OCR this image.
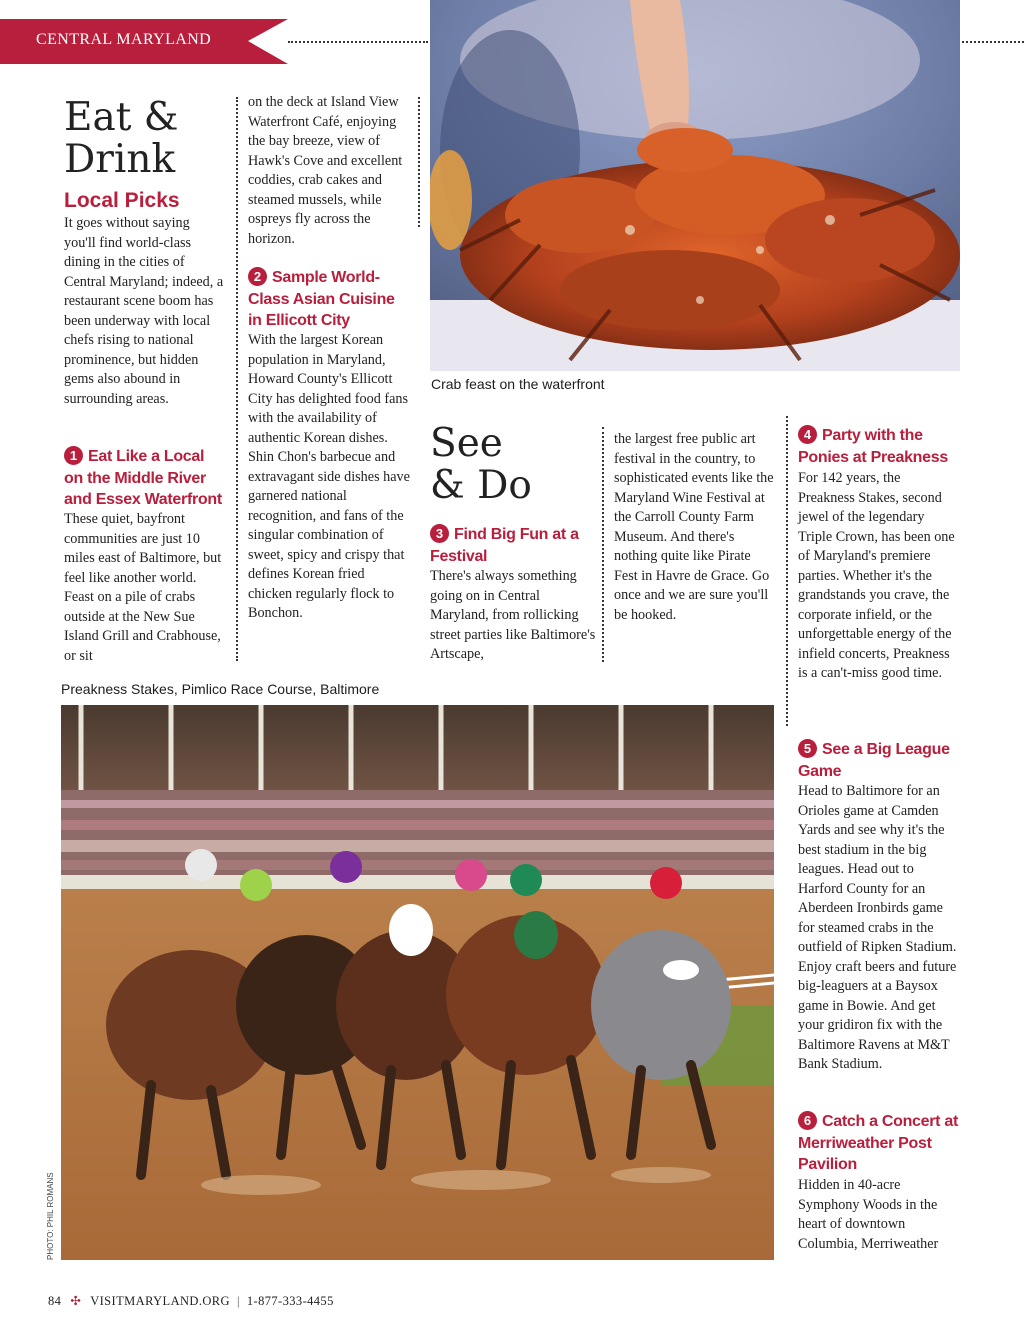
CENTRAL MARYLAND
Crab feast on the waterfront
Eat &
Drink
Local Picks
It goes without saying you'll find world-class dining in the cities of Central Maryland; indeed, a restaurant scene boom has been underway with local chefs rising to national prominence, but hidden gems also abound in surrounding areas.
1 Eat Like a Local on the Middle River and Essex Waterfront
These quiet, bayfront communities are just 10 miles east of Baltimore, but feel like another world. Feast on a pile of crabs outside at the New Sue Island Grill and Crabhouse, or sit
on the deck at Island View Waterfront Café, enjoying the bay breeze, view of Hawk's Cove and excellent coddies, crab cakes and steamed mussels, while ospreys fly across the horizon.
2 Sample World-Class Asian Cuisine in Ellicott City
With the largest Korean population in Maryland, Howard County's Ellicott City has delighted food fans with the availability of authentic Korean dishes. Shin Chon's barbecue and extravagant side dishes have garnered national recognition, and fans of the singular combination of sweet, spicy and crispy that defines Korean fried chicken regularly flock to Bonchon.
See
& Do
3 Find Big Fun at a Festival
There's always something going on in Central Maryland, from rollicking street parties like Baltimore's Artscape,
the largest free public art festival in the country, to sophisticated events like the Maryland Wine Festival at the Carroll County Farm Museum. And there's nothing quite like Pirate Fest in Havre de Grace. Go once and we are sure you'll be hooked.
4 Party with the Ponies at Preakness
For 142 years, the Preakness Stakes, second jewel of the legendary Triple Crown, has been one of Maryland's premiere parties. Whether it's the grandstands you crave, the corporate infield, or the unforgettable energy of the infield concerts, Preakness is a can't-miss good time.
5 See a Big League Game
Head to Baltimore for an Orioles game at Camden Yards and see why it's the best stadium in the big leagues. Head out to Harford County for an Aberdeen Ironbirds game for steamed crabs in the outfield of Ripken Stadium. Enjoy craft beers and future big-leaguers at a Baysox game in Bowie. And get your gridiron fix with the Baltimore Ravens at M&T Bank Stadium.
6 Catch a Concert at Merriweather Post Pavilion
Hidden in 40-acre Symphony Woods in the heart of downtown Columbia, Merriweather
Preakness Stakes, Pimlico Race Course, Baltimore
PHOTO: PHIL ROMANS
84 ✣ VISITMARYLAND.ORG | 1-877-333-4455
